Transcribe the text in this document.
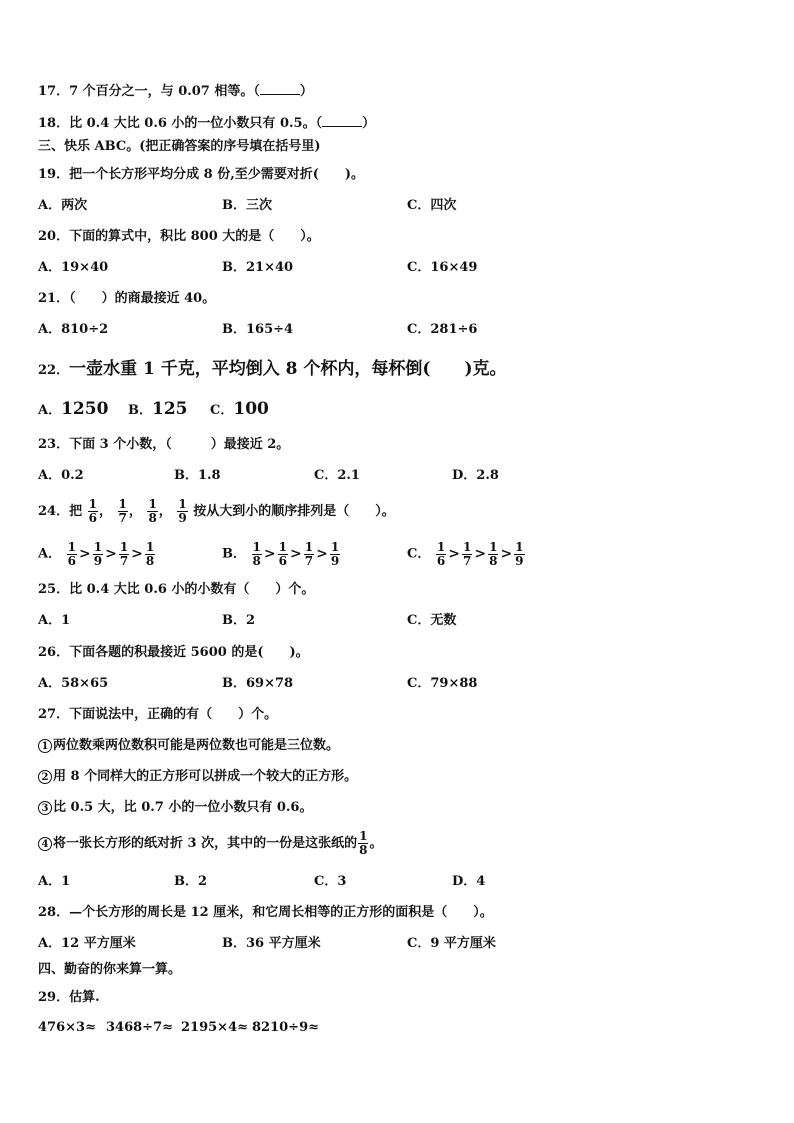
17．7 个百分之一，与 0.07 相等。（	）
18．比 0.4 大比 0.6 小的一位小数只有 0.5。（	）
三、快乐 ABC。(把正确答案的序号填在括号里)
19．把一个长方形平均分成 8 份,至少需要对折(　　)。
A．两次	B．三次	C．四次
20．下面的算式中，积比 800 大的是（　　）。
A．19×40	B．21×40	C．16×49
21．（　　）的商最接近 40。
A．810÷2	B．165÷4	C．281÷6
22．一壶水重 1 千克，平均倒入 8 个杯内，每杯倒(　　)克。
A．1250 B．125 C．100
23．下面 3 个小数，（　　　）最接近 2。
A．0.2	B．1.8	C．2.1	D．2.8
24．把 $\frac{1}{6}$ ， $\frac{1}{7}$ ， $\frac{1}{8}$ ， $\frac{1}{9}$ 按从大到小的顺序排列是（　　）。
A． $\frac{1}{6} > \frac{1}{9} > \frac{1}{7} > \frac{1}{8}$	B． $\frac{1}{8} > \frac{1}{6} > \frac{1}{7} > \frac{1}{9}$	C． $\frac{1}{6} > \frac{1}{7} > \frac{1}{8} > \frac{1}{9}$
25．比 0.4 大比 0.6 小的小数有（　　）个。
A．1	B．2	C．无数
26．下面各题的积最接近 5600 的是(　　)。
A．58×65	B．69×78	C．79×88
27．下面说法中，正确的有（　　）个。
1 两位数乘两位数积可能是两位数也可能是三位数。
2 用 8 个同样大的正方形可以拼成一个较大的正方形。
3 比 0.5 大，比 0.7 小的一位小数只有 0.6。
4 将一张长方形的纸对折 3 次，其中的一份是这张纸的 $\frac{1}{8}$ 。
A．1	B．2	C．3	D．4
28．—个长方形的周长是 12 厘米，和它周长相等的正方形的面积是（　　）。
A．12 平方厘米	B．36 平方厘米	C．9 平方厘米
四、勤奋的你来算一算。
29．估算.
476×3≈ 3468÷7≈ 2195×4≈ 8210÷9≈
